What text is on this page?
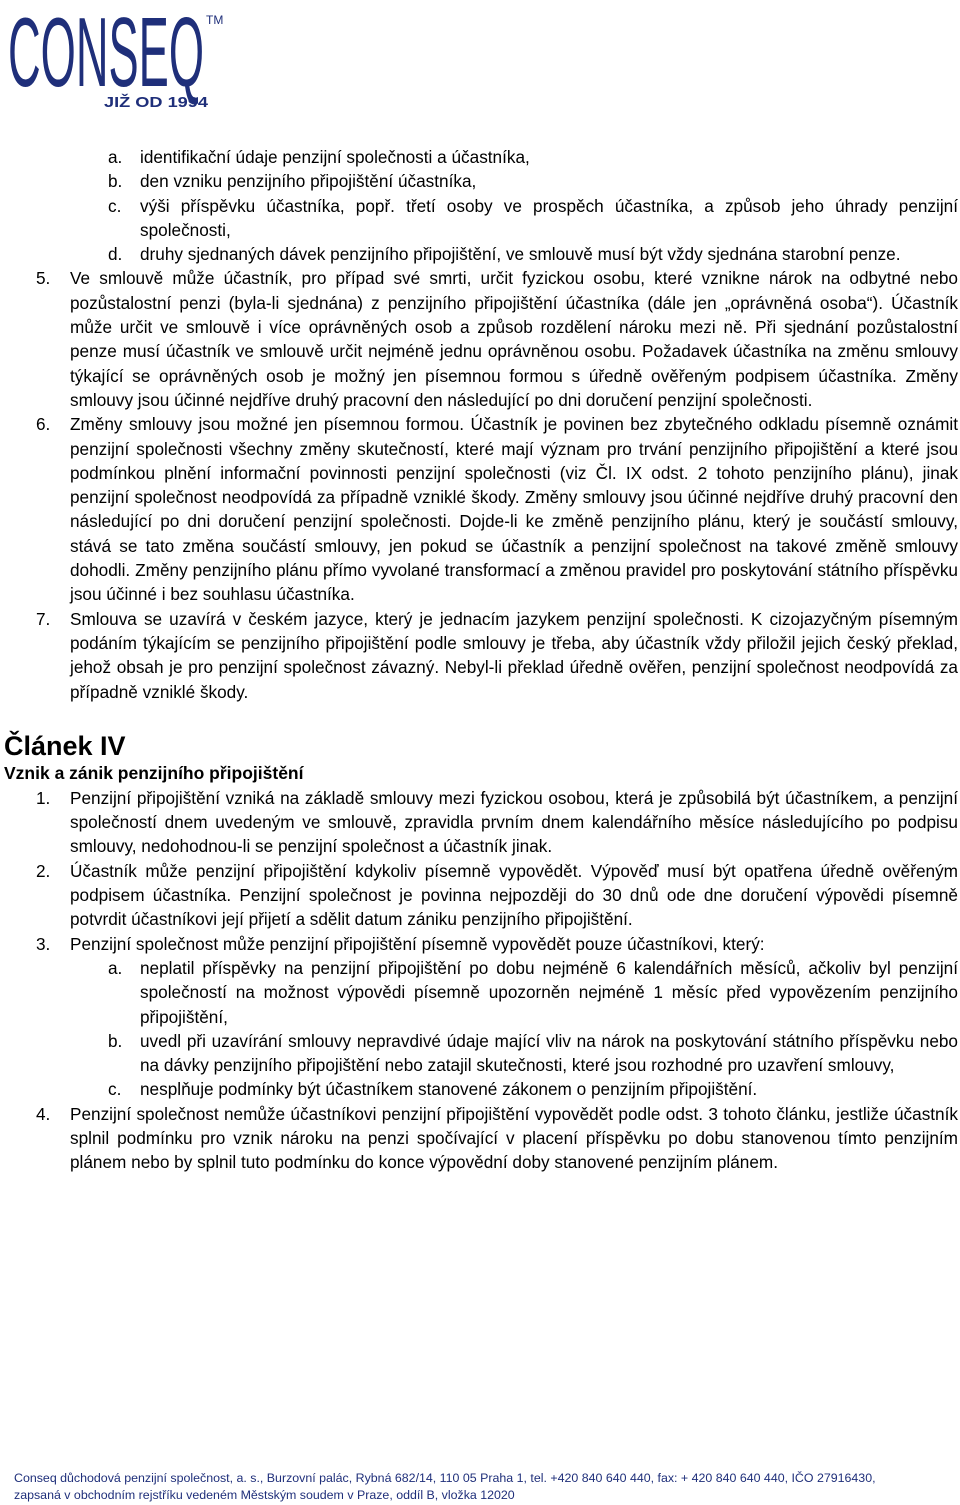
CONSEQ TM
JIŽ OD 1994
a. identifikační údaje penzijní společnosti a účastníka,
b. den vzniku penzijního připojištění účastníka,
c. výši příspěvku účastníka, popř. třetí osoby ve prospěch účastníka, a způsob jeho úhrady penzijní společnosti,
d. druhy sjednaných dávek penzijního připojištění, ve smlouvě musí být vždy sjednána starobní penze.
5. Ve smlouvě může účastník, pro případ své smrti, určit fyzickou osobu, které vznikne nárok na odbytné nebo pozůstalostní penzi (byla-li sjednána) z penzijního připojištění účastníka (dále jen „oprávněná osoba“). Účastník může určit ve smlouvě i více oprávněných osob a způsob rozdělení nároku mezi ně. Při sjednání pozůstalostní penze musí účastník ve smlouvě určit nejméně jednu oprávněnou osobu. Požadavek účastníka na změnu smlouvy týkající se oprávněných osob je možný jen písemnou formou s úředně ověřeným podpisem účastníka. Změny smlouvy jsou účinné nejdříve druhý pracovní den následující po dni doručení penzijní společnosti.
6. Změny smlouvy jsou možné jen písemnou formou. Účastník je povinen bez zbytečného odkladu písemně oznámit penzijní společnosti všechny změny skutečností, které mají význam pro trvání penzijního připojištění a které jsou podmínkou plnění informační povinnosti penzijní společnosti (viz Čl. IX odst. 2 tohoto penzijního plánu), jinak penzijní společnost neodpovídá za případně vzniklé škody. Změny smlouvy jsou účinné nejdříve druhý pracovní den následující po dni doručení penzijní společnosti. Dojde-li ke změně penzijního plánu, který je součástí smlouvy, stává se tato změna součástí smlouvy, jen pokud se účastník a penzijní společnost na takové změně smlouvy dohodli. Změny penzijního plánu přímo vyvolané transformací a změnou pravidel pro poskytování státního příspěvku jsou účinné i bez souhlasu účastníka.
7. Smlouva se uzavírá v českém jazyce, který je jednacím jazykem penzijní společnosti. K cizojazyčným písemným podáním týkajícím se penzijního připojištění podle smlouvy je třeba, aby účastník vždy přiložil jejich český překlad, jehož obsah je pro penzijní společnost závazný. Nebyl-li překlad úředně ověřen, penzijní společnost neodpovídá za případně vzniklé škody.
Článek IV
Vznik a zánik penzijního připojištění
1. Penzijní připojištění vzniká na základě smlouvy mezi fyzickou osobou, která je způsobilá být účastníkem, a penzijní společností dnem uvedeným ve smlouvě, zpravidla prvním dnem kalendářního měsíce následujícího po podpisu smlouvy, nedohodnou-li se penzijní společnost a účastník jinak.
2. Účastník může penzijní připojištění kdykoliv písemně vypovědět. Výpověď musí být opatřena úředně ověřeným podpisem účastníka. Penzijní společnost je povinna nejpozději do 30 dnů ode dne doručení výpovědi písemně potvrdit účastníkovi její přijetí a sdělit datum zániku penzijního připojištění.
3. Penzijní společnost může penzijní připojištění písemně vypovědět pouze účastníkovi, který:
a. neplatil příspěvky na penzijní připojištění po dobu nejméně 6 kalendářních měsíců, ačkoliv byl penzijní společností na možnost výpovědi písemně upozorněn nejméně 1 měsíc před vypovězením penzijního připojištění,
b. uvedl při uzavírání smlouvy nepravdivé údaje mající vliv na nárok na poskytování státního příspěvku nebo na dávky penzijního připojištění nebo zatajil skutečnosti, které jsou rozhodné pro uzavření smlouvy,
c. nesplňuje podmínky být účastníkem stanovené zákonem o penzijním připojištění.
4. Penzijní společnost nemůže účastníkovi penzijní připojištění vypovědět podle odst. 3 tohoto článku, jestliže účastník splnil podmínku pro vznik nároku na penzi spočívající v placení příspěvku po dobu stanovenou tímto penzijním plánem nebo by splnil tuto podmínku do konce výpovědní doby stanovené penzijním plánem.
Conseq důchodová penzijní společnost, a. s., Burzovní palác, Rybná 682/14, 110 05 Praha 1, tel. +420 840 640 440, fax: + 420 840 640 440, IČO 27916430,
zapsaná v obchodním rejstříku vedeném Městským soudem v Praze, oddíl B, vložka 12020
